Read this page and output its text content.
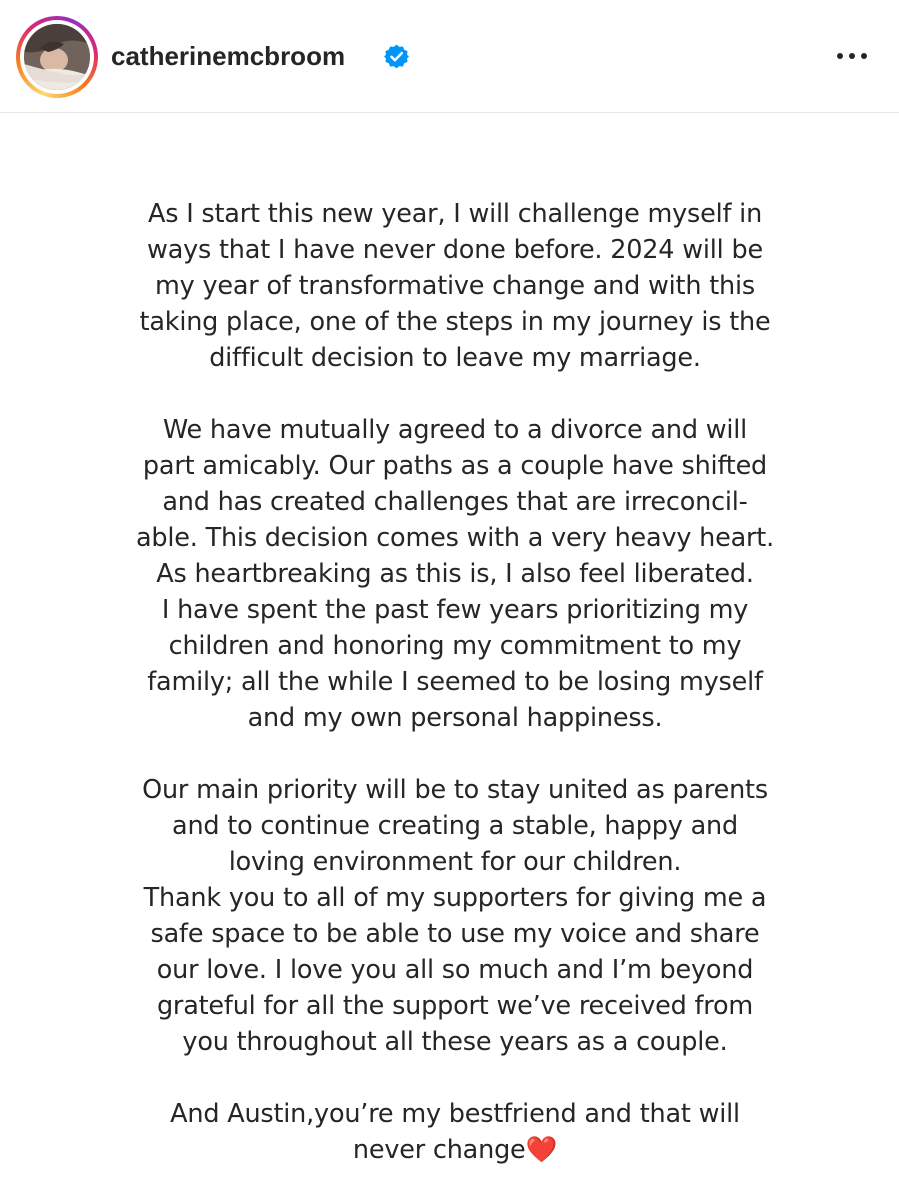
catherinemcbroom

As I start this new year, I will challenge myself in
ways that I have never done before. 2024 will be
my year of transformative change and with this
taking place, one of the steps in my journey is the
difficult decision to leave my marriage.

We have mutually agreed to a divorce and will
part amicably. Our paths as a couple have shifted
and has created challenges that are irreconcil-
able. This decision comes with a very heavy heart.
As heartbreaking as this is, I also feel liberated.
I have spent the past few years prioritizing my
children and honoring my commitment to my
family; all the while I seemed to be losing myself
and my own personal happiness.

Our main priority will be to stay united as parents
and to continue creating a stable, happy and
loving environment for our children.
Thank you to all of my supporters for giving me a
safe space to be able to use my voice and share
our love. I love you all so much and I’m beyond
grateful for all the support we’ve received from
you throughout all these years as a couple.

And Austin,you’re my bestfriend and that will
never change❤️
